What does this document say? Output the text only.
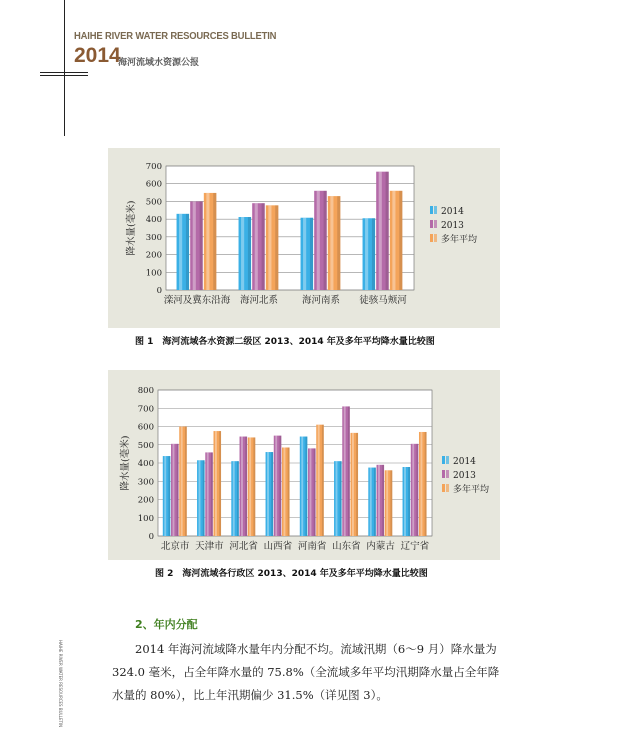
HAIHE RIVER WATER RESOURCES BULLETIN
2014
海河流域水资源公报
0
100
200
300
400
500
600
700
降水量(毫米)
滦河及冀东沿海 海河北系	海河南系 徒骇马颊河
2014
2013
多年平均
图 1　海河流域各水资源二级区 2013、2014 年及多年平均降水量比较图
0
100
200
300
400
500
600
700
800
降水量(毫米)
北京市 天津市 河北省 山西省 河南省 山东省 内蒙古 辽宁省
2014
2013
多年平均
图 2　海河流域各行政区 2013、2014 年及多年平均降水量比较图
2、年内分配
2014 年海河流域降水量年内分配不均。流域汛期（6～9 月）降水量为 324.0 毫米，占全年降水量的 75.8%（全流域多年平均汛期降水量占全年降水量的 80%），比上年汛期偏少 31.5%（详见图 3）。
HAIHE RIVER WATER RESOURCES BULLETIN
